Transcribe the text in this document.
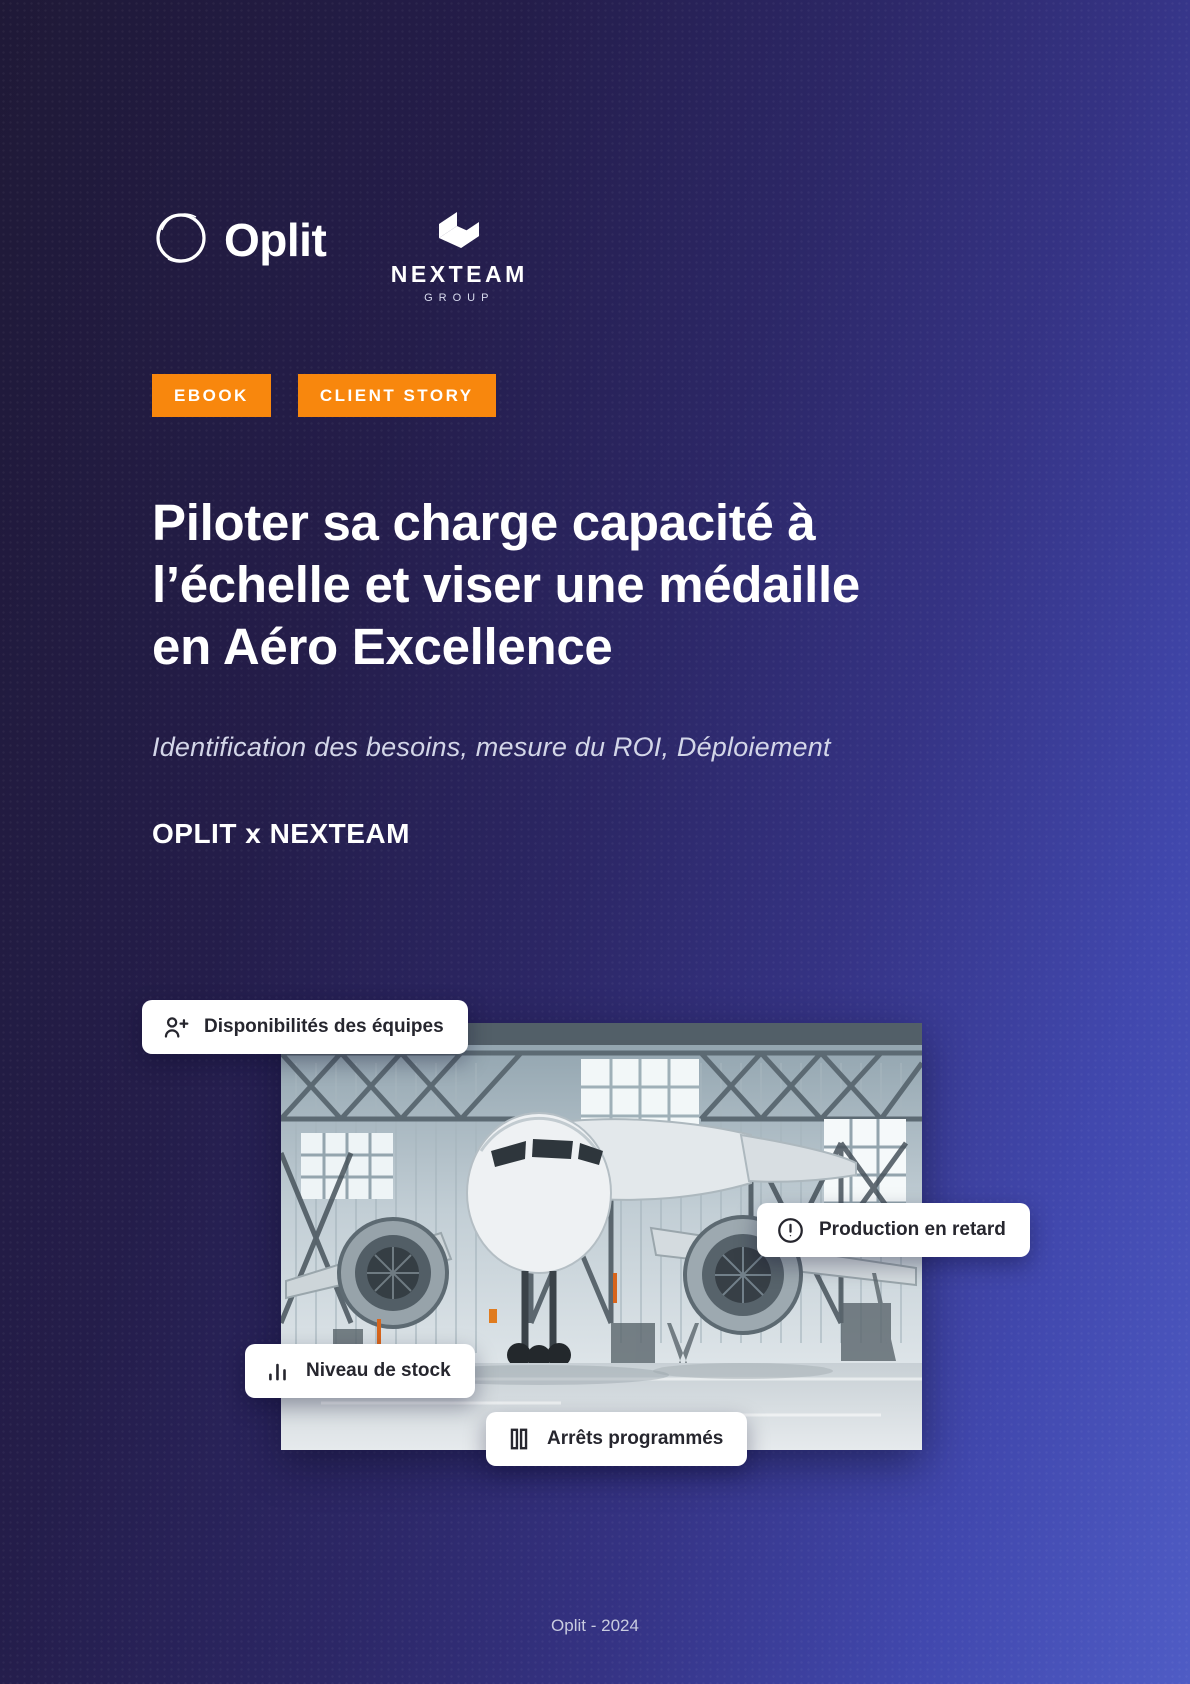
Oplit
NEXTEAM
GROUP
EBOOK	CLIENT STORY
Piloter sa charge capacité à
l’échelle et viser une médaille
en Aéro Excellence
Identification des besoins, mesure du ROI, Déploiement
OPLIT x NEXTEAM
Disponibilités des équipes
Production en retard
Niveau de stock
Arrêts programmés
Oplit - 2024
